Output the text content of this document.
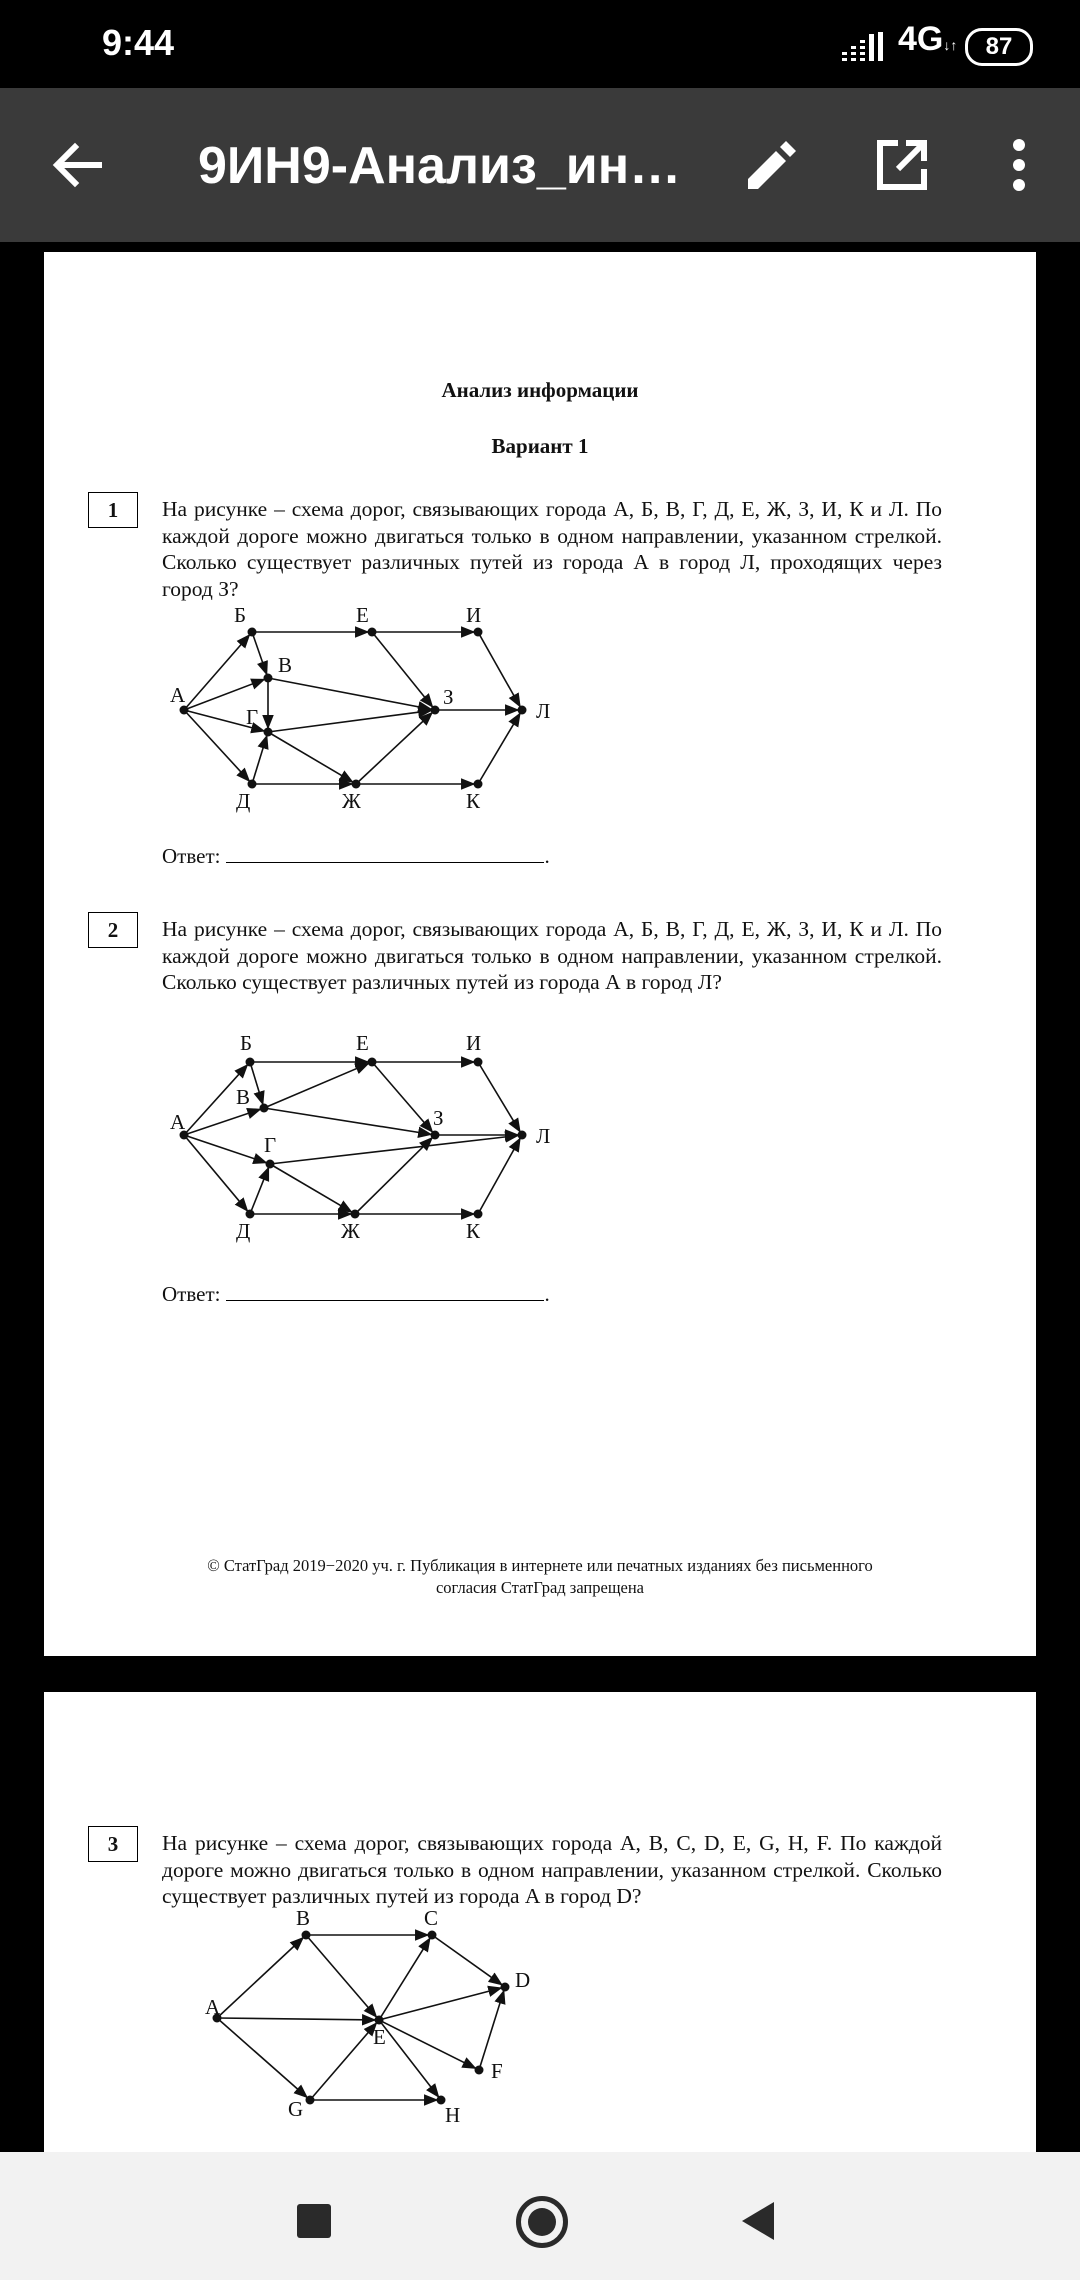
9:44	4G↓↑	87
9ИН9-Анализ_ин…
Анализ информации
Вариант 1
1	На рисунке – схема дорог, связывающих города А, Б, В, Г, Д, Е, Ж, З, И, К и Л. По каждой дороге можно двигаться только в одном направлении, указанном стрелкой. Сколько существует различных путей из города А в город Л, проходящих через город З?
А
Б
В
Г
Д
Е
Ж
З
И
К
Л
Ответ:	.
2	На рисунке – схема дорог, связывающих города А, Б, В, Г, Д, Е, Ж, З, И, К и Л. По каждой дороге можно двигаться только в одном направлении, указанном стрелкой. Сколько существует различных путей из города А в город Л?
А
Б
В
Г
Д
Е
Ж
З
И
К
Л
Ответ:	.
© СтатГрад 2019−2020 уч. г. Публикация в интернете или печатных изданиях без письменного
согласия СтатГрад запрещена
3	На рисунке – схема дорог, связывающих города A, B, C, D, E, G, H, F. По каждой дороге можно двигаться только в одном направлении, указанном стрелкой. Сколько существует различных путей из города A в город D?
A
B	C
D
E
F
G	H
